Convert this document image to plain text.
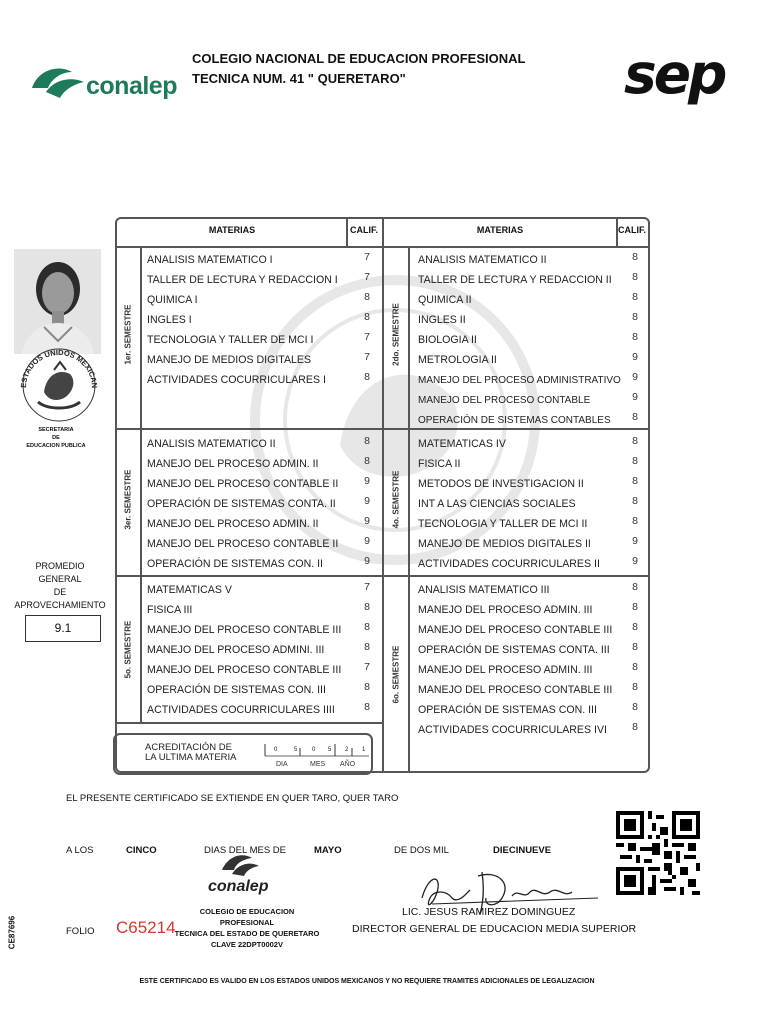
conalep
COLEGIO NACIONAL DE EDUCACION PROFESIONAL
TECNICA NUM. 41 " QUERETARO"	sep
ESTADOS UNIDOS MEXICAN
SECRETARIA
DE
EDUCACION PUBLICA
PROMEDIO
GENERAL
DE
APROVECHAMIENTO
9.1
MATERIAS	CALIF.	MATERIAS	CALIF.
1er. SEMESTRE	2do. SEMESTRE
3er. SEMESTRE	4o. SEMESTRE
5o. SEMESTRE	6o. SEMESTRE
ANALISIS MATEMATICO I	7
TALLER DE LECTURA Y REDACCION I	7
QUIMICA I	8
INGLES I	8
TECNOLOGIA Y TALLER DE MCI I	7
MANEJO DE MEDIOS DIGITALES	7
ACTIVIDADES COCURRICULARES I	8
ANALISIS MATEMATICO II	8
TALLER DE LECTURA Y REDACCION II	8
QUIMICA II	8
INGLES II	8
BIOLOGIA II	8
METROLOGIA II	9
MANEJO DEL PROCESO ADMINISTRATIVO	9
MANEJO DEL PROCESO CONTABLE	9
OPERACIÓN DE SISTEMAS CONTABLES	8
ANALISIS MATEMATICO II	8
MANEJO DEL PROCESO ADMIN. II	8
MANEJO DEL PROCESO CONTABLE II	9
OPERACIÓN DE SISTEMAS CONTA. II	9
MANEJO DEL PROCESO ADMIN. II	9
MANEJO DEL PROCESO CONTABLE II	9
OPERACIÓN DE SISTEMAS CON. II	9
MATEMATICAS IV	8
FISICA II	8
METODOS DE INVESTIGACION II	8
INT A LAS CIENCIAS SOCIALES	8
TECNOLOGIA Y TALLER DE MCI II	8
MANEJO DE MEDIOS DIGITALES II	9
ACTIVIDADES COCURRICULARES II	9
MATEMATICAS V	7
FISICA III	8
MANEJO DEL PROCESO CONTABLE III	8
MANEJO DEL PROCESO ADMINI. III	8
MANEJO DEL PROCESO CONTABLE III	7
OPERACIÓN DE SISTEMAS CON. III	8
ACTIVIDADES COCURRICULARES IIII	8
ANALISIS MATEMATICO III	8
MANEJO DEL PROCESO ADMIN. III	8
MANEJO DEL PROCESO CONTABLE III	8
OPERACIÓN DE SISTEMAS CONTA. III	8
MANEJO DEL PROCESO ADMIN. III	8
MANEJO DEL PROCESO CONTABLE III	8
OPERACIÓN DE SISTEMAS CON. III	8
ACTIVIDADES COCURRICULARES IVI	8
ACREDITACIÓN DE
LA ULTIMA MATERIA
0	5 0 5 2 1
DIA	MES AÑO
EL PRESENTE CERTIFICADO SE EXTIENDE EN QUER TARO, QUER TARO
A LOS	CINCO	DIAS DEL MES DE	MAYO	DE DOS MIL	DIECINUEVE
conalep
COLEGIO DE EDUCACION PROFESIONAL
TECNICA DEL ESTADO DE QUERETARO
CLAVE 22DPT0002V
FOLIO C65214
CE87696
LIC. JESUS RAMIREZ DOMINGUEZ
DIRECTOR GENERAL DE EDUCACION MEDIA SUPERIOR
ESTE CERTIFICADO ES VALIDO EN LOS ESTADOS UNIDOS MEXICANOS Y NO REQUIERE TRAMITES ADICIONALES DE LEGALIZACION
